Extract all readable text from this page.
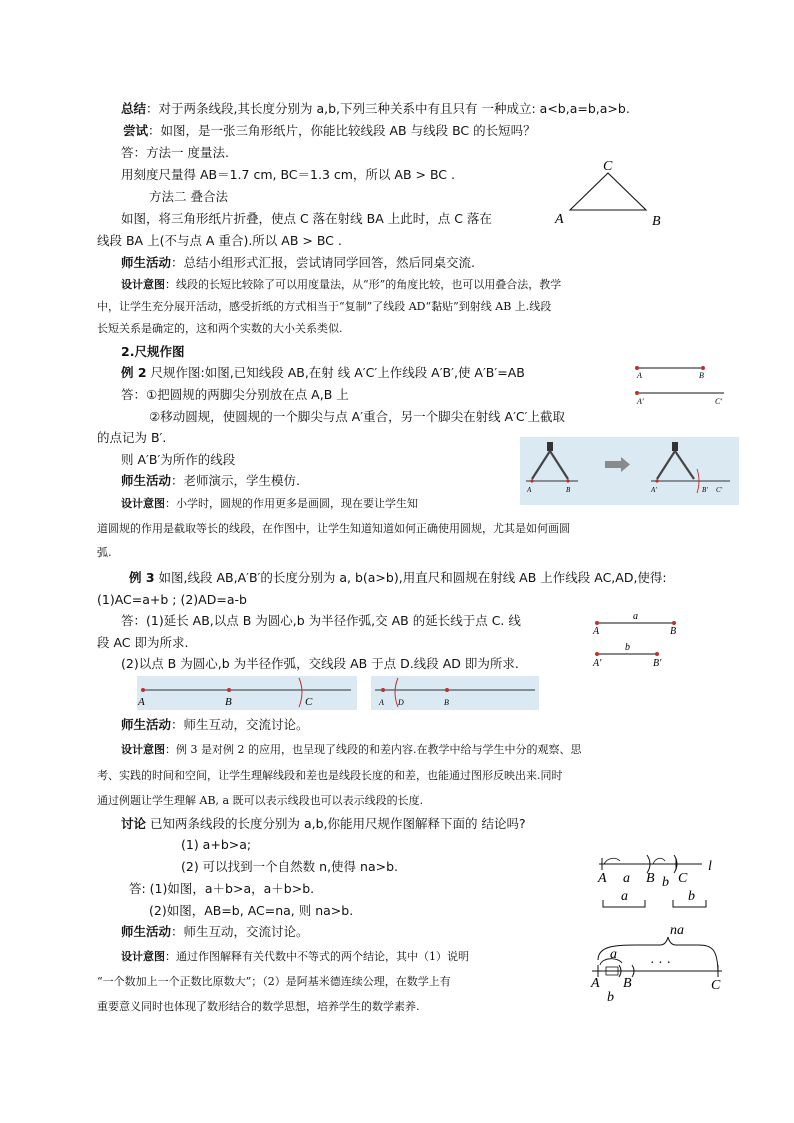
总结：对于两条线段,其长度分别为 a,b,下列三种关系中有且只有 一种成立: a<b,a=b,a>b.
尝试：如图，是一张三角形纸片，你能比较线段 AB 与线段 BC 的长短吗？
答：方法一 度量法.
用刻度尺量得 AB＝1.7 cm, BC＝1.3 cm，所以 AB > BC .
方法二 叠合法
如图，将三角形纸片折叠，使点 C 落在射线 BA 上此时，点 C 落在
线段 BA 上(不与点 A 重合).所以 AB > BC .
C
A	B
师生活动：总结小组形式汇报，尝试请同学回答，然后同桌交流.
设计意图：线段的长短比较除了可以用度量法，从“形”的角度比较，也可以用叠合法，教学
中，让学生充分展开活动，感受折纸的方式相当于“复制”了线段 AD“黏贴”到射线 AB 上.线段
长短关系是确定的，这和两个实数的大小关系类似.
2.尺规作图
例 2 尺规作图:如图,已知线段 AB,在射 线 A′C′上作线段 A′B′,使 A′B′=AB
答：①把圆规的两脚尖分别放在点 A,B 上
②移动圆规，使圆规的一个脚尖与点 A′重合，另一个脚尖在射线 A′C′上截取
的点记为 B′.
则 A′B′为所作的线段
师生活动：老师演示，学生模仿.
设计意图：小学时，圆规的作用更多是画圆，现在要让学生知
道圆规的作用是截取等长的线段，在作图中，让学生知道知道如何正确使用圆规，尤其是如何画圆
弧.
A	B
A′	C′
A	B	A′	B′ C′
例 3 如图,线段 AB,A′B′的长度分别为 a, b(a>b),用直尺和圆规在射线 AB 上作线段 AC,AD,使得:
(1)AC=a+b ; (2)AD=a-b
答：(1)延长 AB,以点 B 为圆心,b 为半径作弧,交 AB 的延长线于点 C. 线
段 AC 即为所求.
(2)以点 B 为圆心,b 为半径作弧，交线段 AB 于点 D.线段 AD 即为所求.
a
A	B
b
A′	B′
A	B	C	A D	B
师生活动：师生互动，交流讨论。
设计意图：例 3 是对例 2 的应用，也呈现了线段的和差内容.在教学中给与学生中分的观察、思
考、实践的时间和空间，让学生理解线段和差也是线段长度的和差，也能通过图形反映出来.同时
通过例题让学生理解 AB, a 既可以表示线段也可以表示线段的长度.
讨论 已知两条线段的长度分别为 a,b,你能用尺规作图解释下面的 结论吗?
(1) a+b>a;
(2) 可以找到一个自然数 n,使得 na>b.
答: (1)如图，a＋b>a，a＋b>b.
(2)如图，AB=b, AC=na, 则 na>b.
师生活动：师生互动，交流讨论。
设计意图：通过作图解释有关代数中不等式的两个结论，其中（1）说明
“一个数加上一个正数比原数大”；（2）是阿基米德连续公理，在数学上有
重要意义同时也体现了数形结合的数学思想，培养学生的数学素养.
A a B b C
l
a	b
na
a
· · ·
A B
b
C
